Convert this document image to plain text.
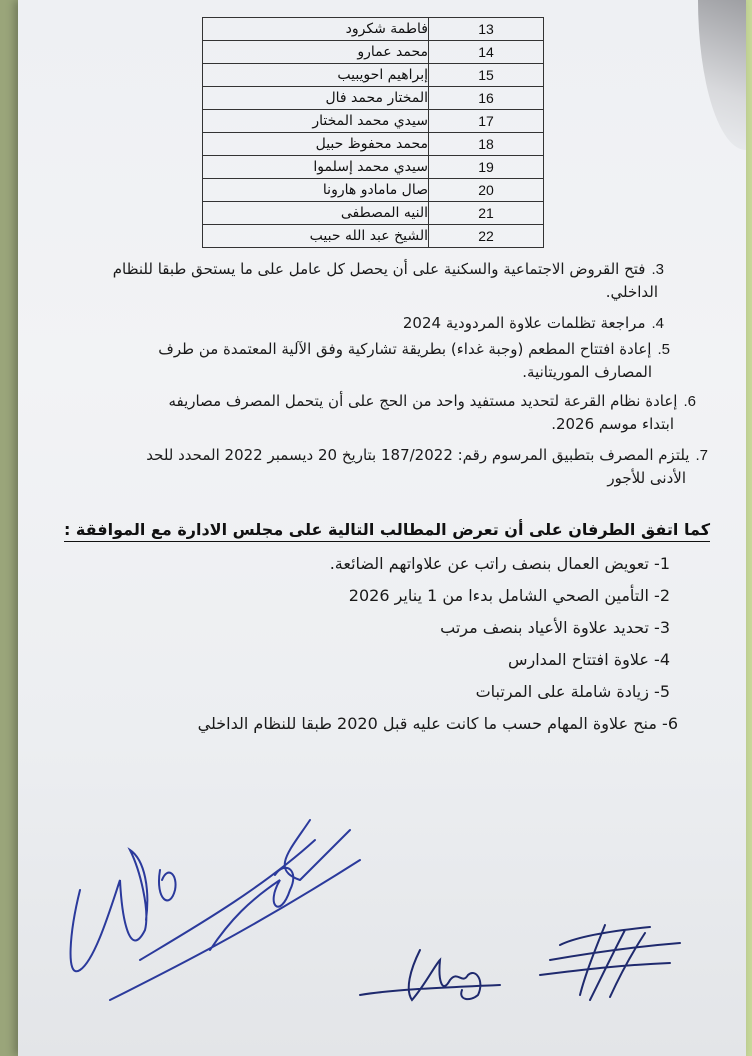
فاطمة شكرود	13
محمد عمارو	14
إبراهيم احويبيب	15
المختار محمد فال	16
سيدي محمد المختار	17
محمد محفوظ حبيل	18
سيدي محمد إسلموا	19
صال مامادو هارونا	20
النيه المصطفى	21
الشيخ عبد الله حبيب	22
3.فتح القروض الاجتماعية والسكنية على أن يحصل كل عامل على ما يستحق طبقا للنظام
الداخلي.
4.مراجعة تظلمات علاوة المردودية 2024
5.إعادة افتتاح المطعم (وجبة غداء) بطريقة تشاركية وفق الآلية المعتمدة من طرف
المصارف الموريتانية.
6.إعادة نظام القرعة لتحديد مستفيد واحد من الحج على أن يتحمل المصرف مصاريفه
ابتداء موسم 2026.
7.يلتزم المصرف بتطبيق المرسوم رقم: 187/2022 بتاريخ 20 ديسمبر 2022 المحدد للحد
الأدنى للأجور
كما اتفق الطرفان على أن تعرض المطالب التالية على مجلس الادارة مع الموافقة :
1- تعويض العمال بنصف راتب عن علاواتهم الضائعة.
2- التأمين الصحي الشامل بدءا من 1 يناير 2026
3- تحديد علاوة الأعياد بنصف مرتب
4- علاوة افتتاح المدارس
5- زيادة شاملة على المرتبات
6- منح علاوة المهام حسب ما كانت عليه قبل 2020 طبقا للنظام الداخلي
